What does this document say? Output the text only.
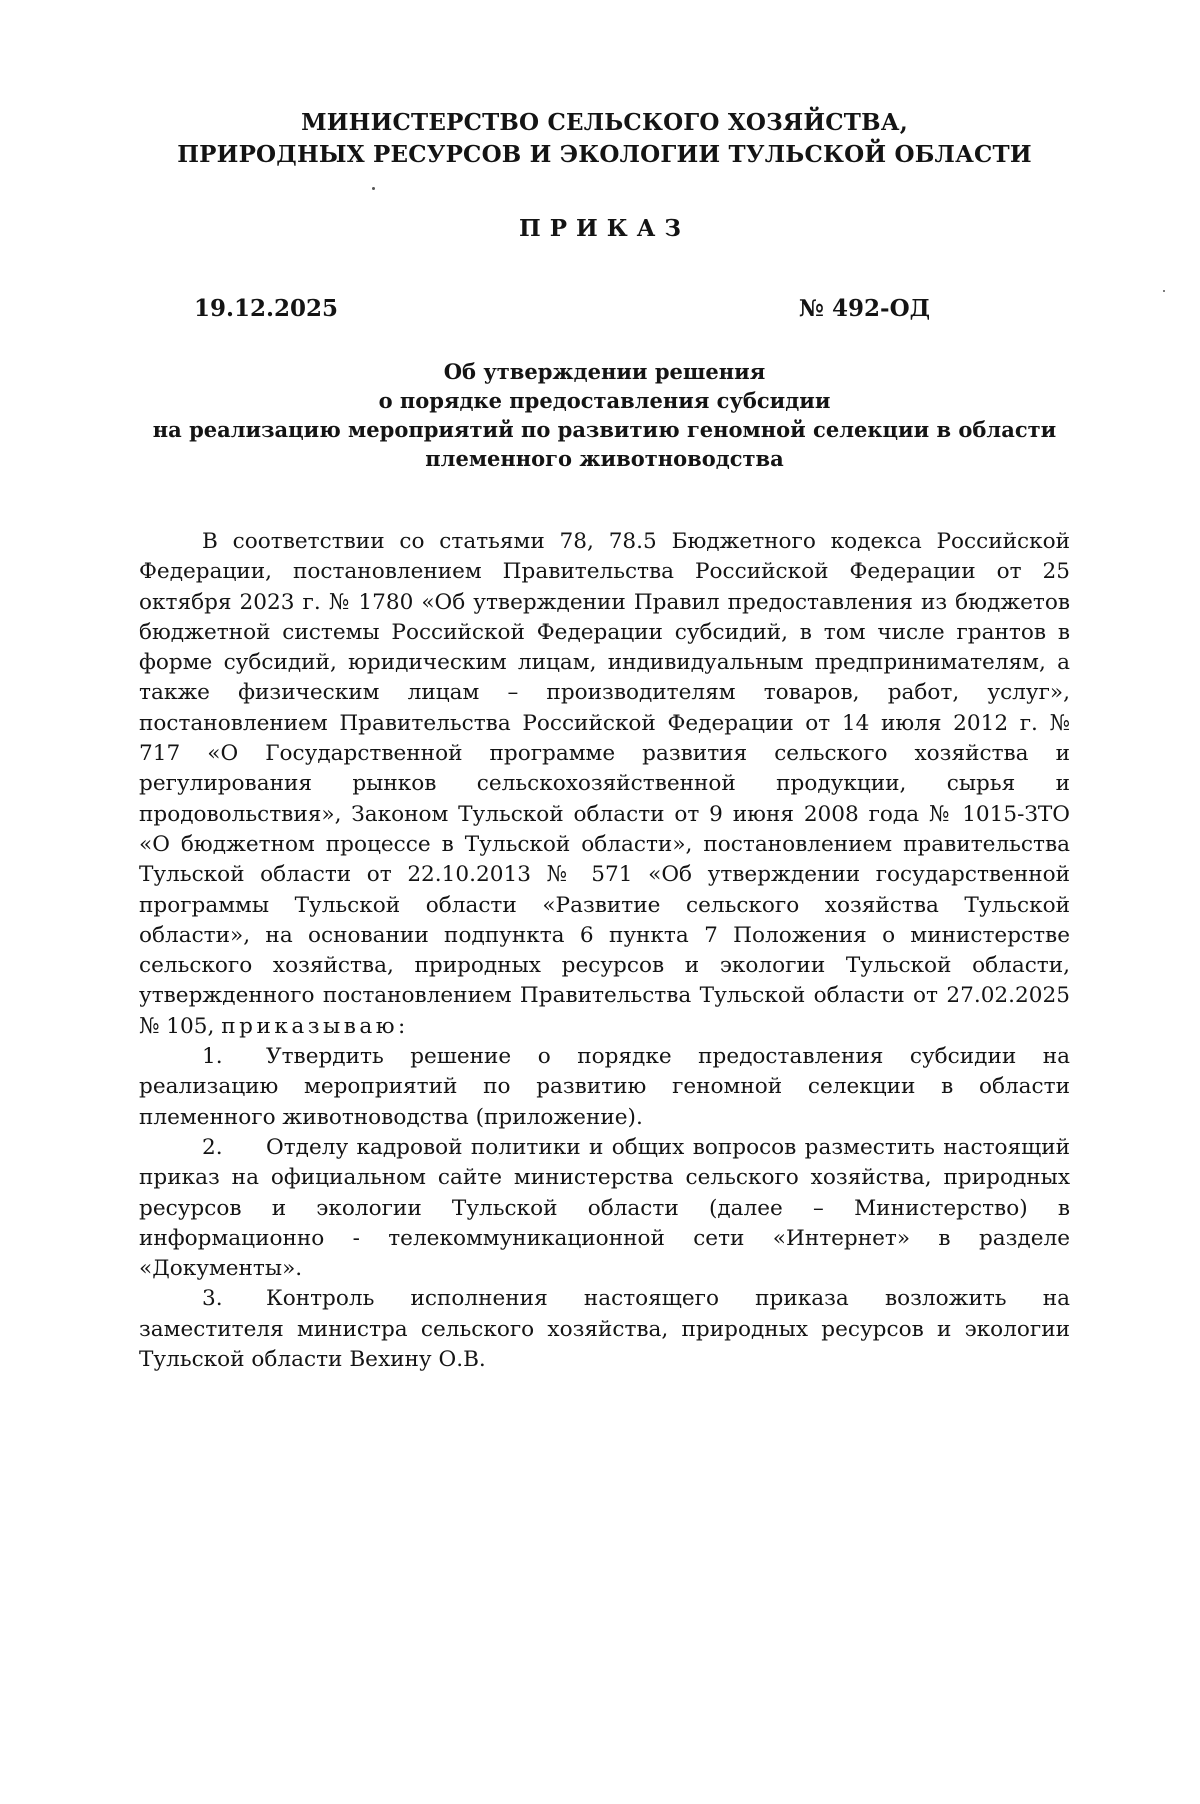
МИНИСТЕРСТВО СЕЛЬСКОГО ХОЗЯЙСТВА,
ПРИРОДНЫХ РЕСУРСОВ И ЭКОЛОГИИ ТУЛЬСКОЙ ОБЛАСТИ
ПРИКАЗ
19.12.2025	№ 492-ОД
Об утверждении решения
о порядке предоставления субсидии
на реализацию мероприятий по развитию геномной селекции в области
племенного животноводства

В соответствии со статьями 78, 78.5 Бюджетного кодекса Российской Федерации, постановлением Правительства Российской Федерации от 25 октября 2023 г. № 1780 «Об утверждении Правил предоставления из бюджетов бюджетной системы Российской Федерации субсидий, в том числе грантов в форме субсидий, юридическим лицам, индивидуальным предпринимателям, а также физическим лицам – производителям товаров, работ, услуг», постановлением Правительства Российской Федерации от 14 июля 2012 г. № 717 «О Государственной программе развития сельского хозяйства и регулирования рынков сельскохозяйственной продукции, сырья и продовольствия», Законом Тульской области от 9 июня 2008 года № 1015-ЗТО «О бюджетном процессе в Тульской области», постановлением правительства Тульской области от 22.10.2013 № 571 «Об утверждении государственной программы Тульской области «Развитие сельского хозяйства Тульской области», на основании подпункта 6 пункта 7 Положения о министерстве сельского хозяйства, природных ресурсов и экологии Тульской области, утвержденного постановлением Правительства Тульской области от 27.02.2025 № 105, приказываю:

1. Утвердить решение о порядке предоставления субсидии на реализацию мероприятий по развитию геномной селекции в области племенного животноводства (приложение).

2. Отделу кадровой политики и общих вопросов разместить настоящий приказ на официальном сайте министерства сельского хозяйства, природных ресурсов и экологии Тульской области (далее – Министерство) в информационно - телекоммуникационной сети «Интернет» в разделе «Документы».

3. Контроль исполнения настоящего приказа возложить на заместителя министра сельского хозяйства, природных ресурсов и экологии Тульской области Вехину О.В.
